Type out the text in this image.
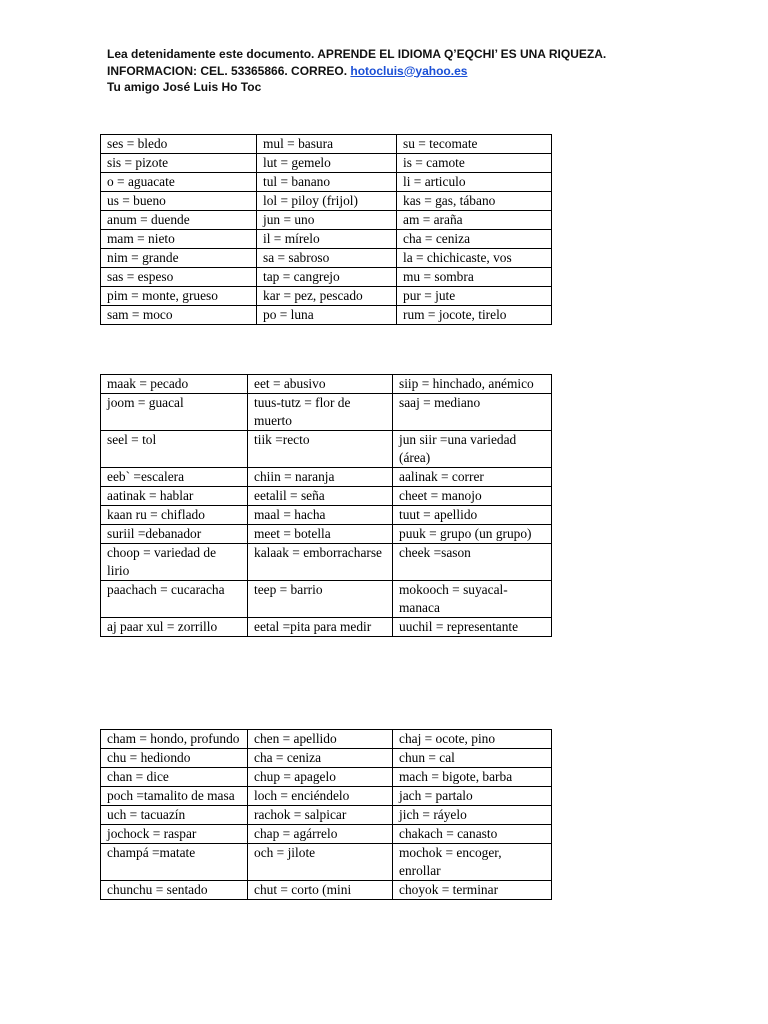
Lea detenidamente este documento. APRENDE EL IDIOMA Q’EQCHI’ ES UNA RIQUEZA.
INFORMACION: CEL. 53365866. CORREO. hotocluis@yahoo.es
Tu amigo José Luis Ho Toc
ses = bledo	mul = basura	su = tecomate
sis = pizote	lut = gemelo	is = camote
o = aguacate	tul = banano	li = articulo
us = bueno	lol = piloy (frijol)	kas = gas, tábano
anum = duende	jun = uno	am = araña
mam = nieto	il = mírelo	cha = ceniza
nim = grande	sa = sabroso	la = chichicaste, vos
sas = espeso	tap = cangrejo	mu = sombra
pim = monte, grueso	kar = pez, pescado	pur = jute
sam = moco	po = luna	rum = jocote, tirelo
maak = pecado	eet = abusivo	siip = hinchado, anémico
joom = guacal	tuus-tutz = flor de muerto	saaj = mediano
seel = tol	tiik =recto	jun siir =una variedad (área)
eeb` =escalera	chiin = naranja	aalinak = correr
aatinak = hablar	eetalil = seña	cheet = manojo
kaan ru = chiflado	maal = hacha	tuut = apellido
suriil =debanador	meet = botella	puuk = grupo (un grupo)
choop = variedad de lirio	kalaak = emborracharse	cheek =sason
paachach = cucaracha	teep = barrio	mokooch = suyacal-manaca
aj paar xul = zorrillo	eetal =pita para medir	uuchil = representante
cham = hondo, profundo	chen = apellido	chaj = ocote, pino
chu = hediondo	cha = ceniza	chun = cal
chan = dice	chup = apagelo	mach = bigote, barba
poch =tamalito de masa	loch = enciéndelo	jach = partalo
uch = tacuazín	rachok = salpicar	jich = ráyelo
jochock = raspar	chap = agárrelo	chakach = canasto
champá =matate	och = jilote	mochok = encoger, enrollar
chunchu = sentado	chut = corto (mini	choyok = terminar
